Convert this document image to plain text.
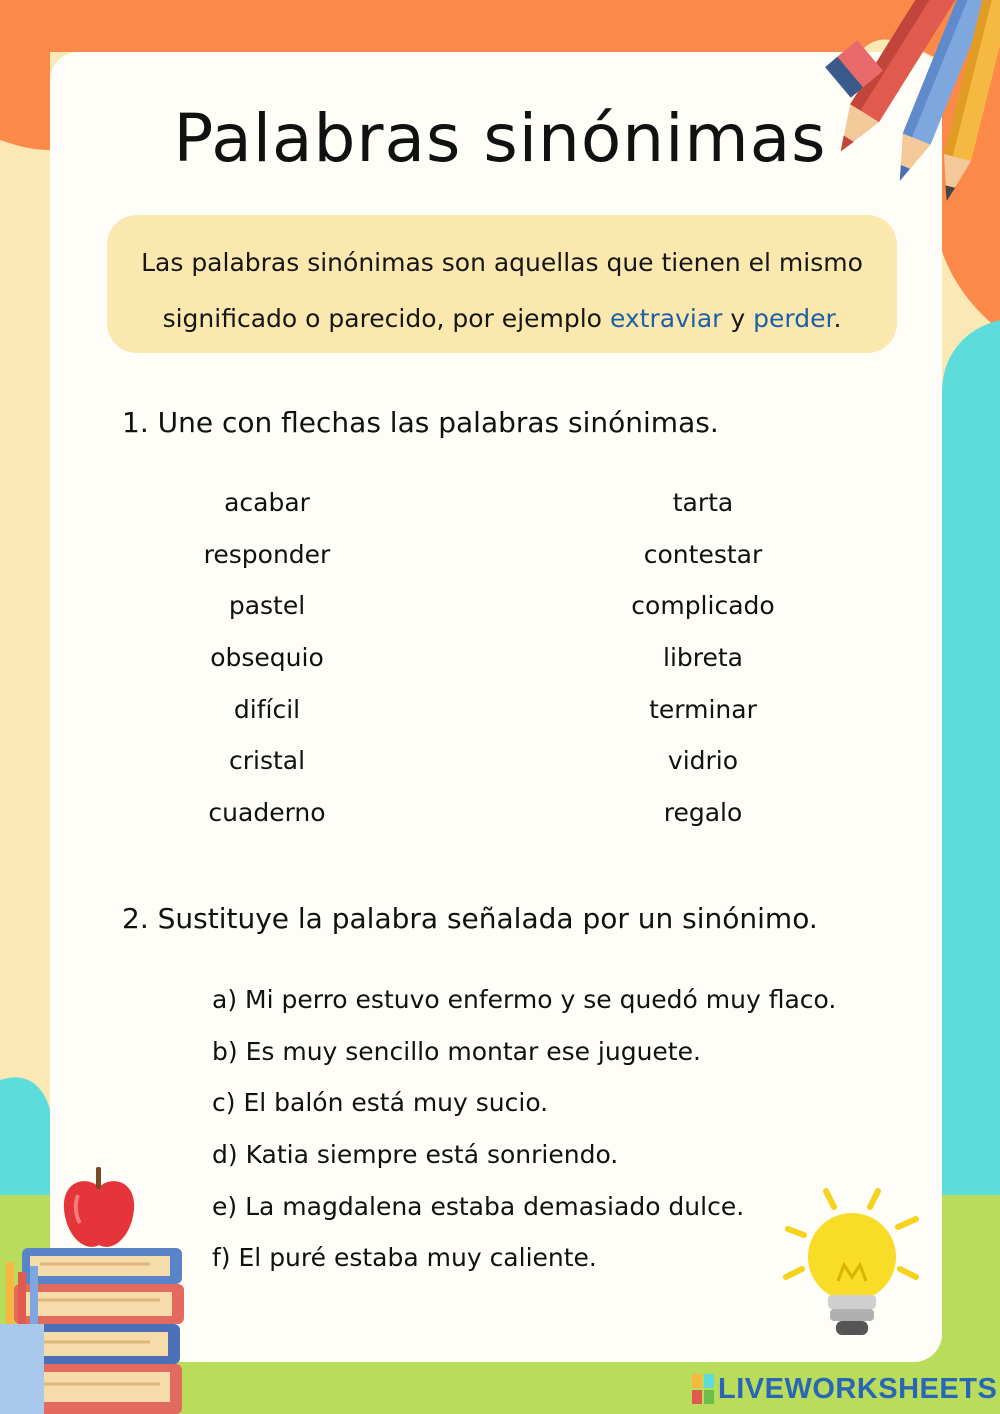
Palabras sinónimas
Las palabras sinónimas son aquellas que tienen el mismo significado o parecido, por ejemplo extraviar y perder.
1. Une con flechas las palabras sinónimas.
acabar
responder
pastel
obsequio
difícil
cristal
cuaderno
tarta
contestar
complicado
libreta
terminar
vidrio
regalo
2. Sustituye la palabra señalada por un sinónimo.
a) Mi perro estuvo enfermo y se quedó muy flaco.
b) Es muy sencillo montar ese juguete.
c) El balón está muy sucio.
d) Katia siempre está sonriendo.
e) La magdalena estaba demasiado dulce.
f) El puré estaba muy caliente.
LIVEWORKSHEETS
